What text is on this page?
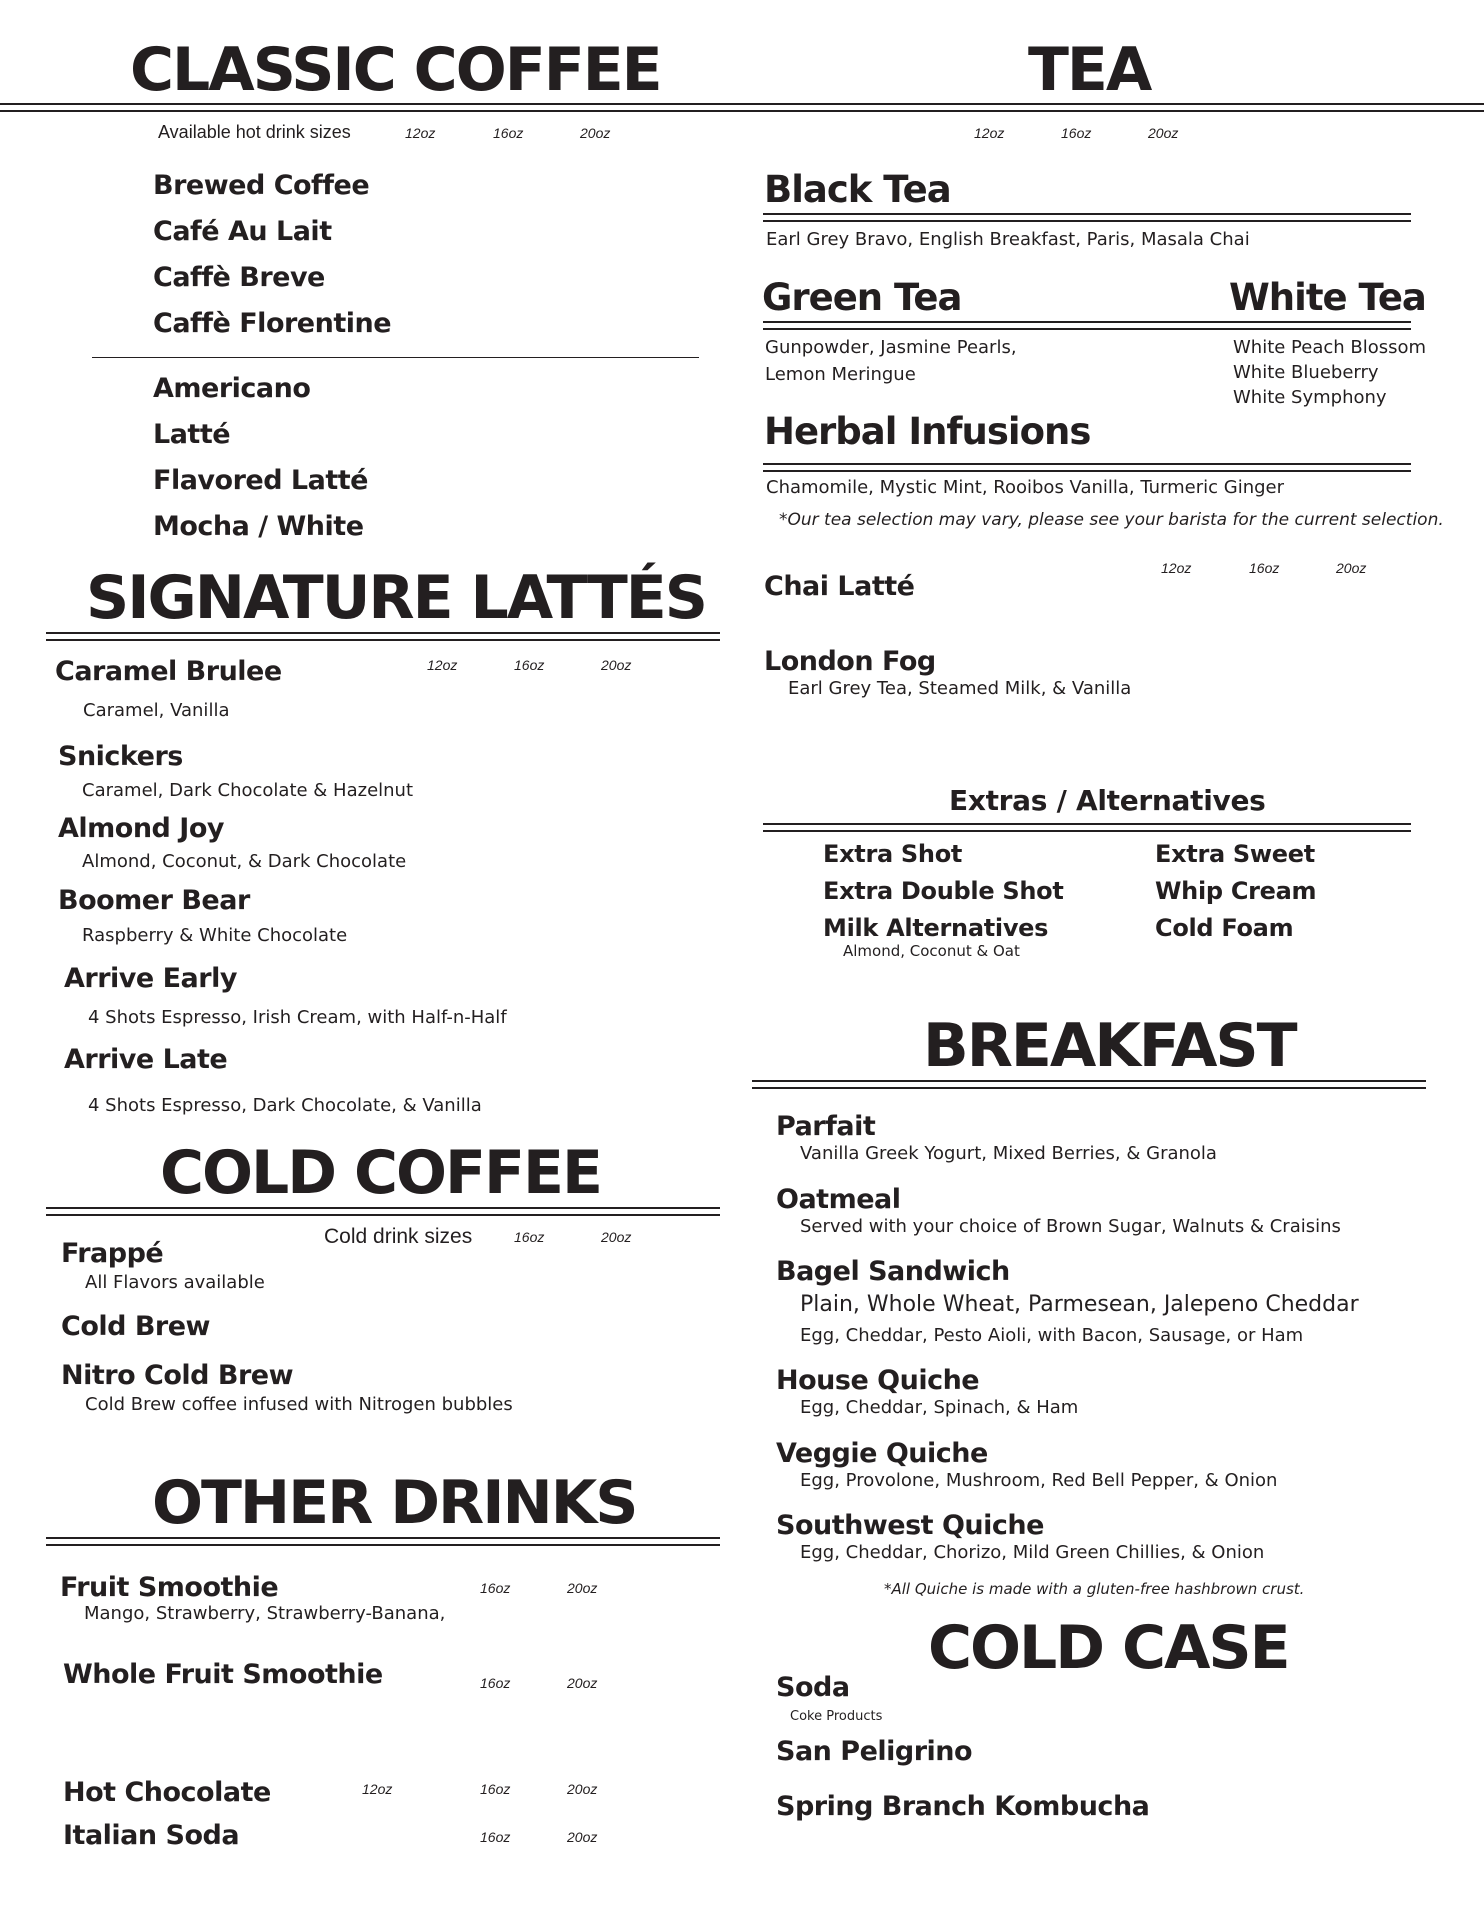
CLASSIC COFFEE	TEA
Available hot drink sizes	12oz	16oz	20oz
Brewed Coffee
Café Au Lait
Caffè Breve
Caffè Florentine
Americano
Latté
Flavored Latté
Mocha / White
12oz	16oz	20oz
Black Tea
Earl Grey Bravo, English Breakfast, Paris, Masala Chai
Green Tea	White Tea
Gunpowder, Jasmine Pearls,
Lemon Meringue
White Peach Blossom
White Blueberry
White Symphony
Herbal Infusions
Chamomile, Mystic Mint, Rooibos Vanilla, Turmeric Ginger
*Our tea selection may vary, please see your barista for the current selection.
12oz	16oz	20oz
Chai Latté
London Fog
Earl Grey Tea, Steamed Milk, & Vanilla
SIGNATURE LATTÉS
12oz	16oz	20oz
Caramel Brulee
Caramel, Vanilla
Snickers
Caramel, Dark Chocolate & Hazelnut
Almond Joy
Almond, Coconut, & Dark Chocolate
Boomer Bear
Raspberry & White Chocolate
Arrive Early
4 Shots Espresso, Irish Cream, with Half-n-Half
Arrive Late
4 Shots Espresso, Dark Chocolate, & Vanilla
Extras / Alternatives
Extra Shot
Extra Double Shot
Milk Alternatives
Almond, Coconut & Oat
Extra Sweet
Whip Cream
Cold Foam
COLD COFFEE
Cold drink sizes	16oz	20oz
Frappé
All Flavors available
Cold Brew
Nitro Cold Brew
Cold Brew coffee infused with Nitrogen bubbles
BREAKFAST
Parfait
Vanilla Greek Yogurt, Mixed Berries, & Granola
Oatmeal
Served with your choice of Brown Sugar, Walnuts & Craisins
Bagel Sandwich
Plain, Whole Wheat, Parmesean, Jalepeno Cheddar
Egg, Cheddar, Pesto Aioli, with Bacon, Sausage, or Ham
House Quiche
Egg, Cheddar, Spinach, & Ham
Veggie Quiche
Egg, Provolone, Mushroom, Red Bell Pepper, & Onion
Southwest Quiche
Egg, Cheddar, Chorizo, Mild Green Chillies, & Onion
*All Quiche is made with a gluten-free hashbrown crust.
OTHER DRINKS
Fruit Smoothie	16oz	20oz
Mango, Strawberry, Strawberry-Banana,
Whole Fruit Smoothie	16oz	20oz
Hot Chocolate	12oz	16oz	20oz
Italian Soda	16oz	20oz
COLD CASE
Soda
Coke Products
San Peligrino
Spring Branch Kombucha
